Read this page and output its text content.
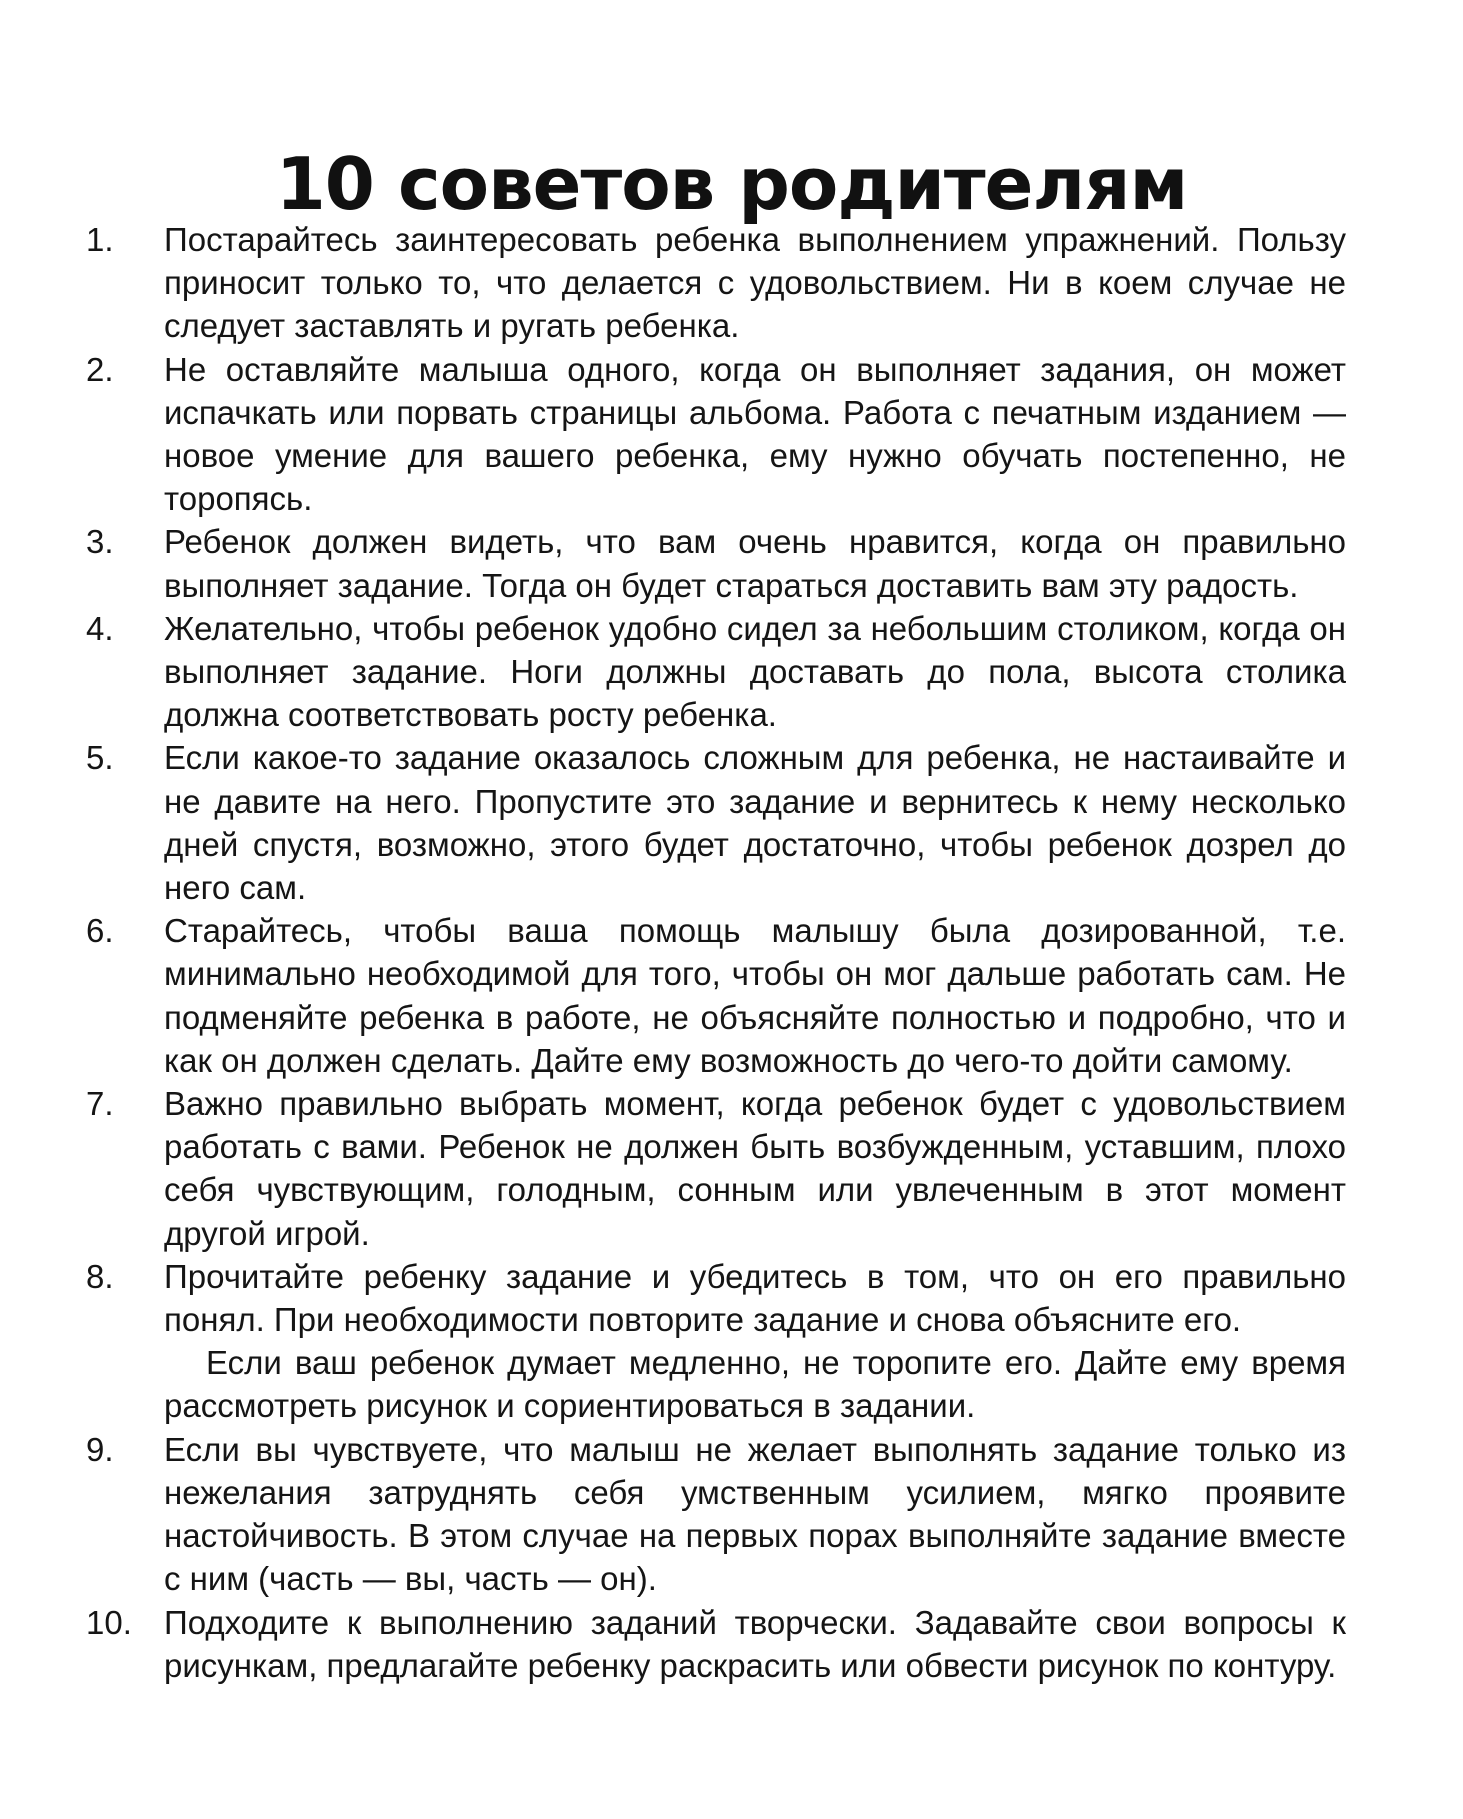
10 советов родителям
1.	Постарайтесь заинтересовать ребенка выполнением упражнений. Пользу приносит только то, что делается с удовольствием. Ни в коем случае не следует заставлять и ругать ребенка.
2.	Не оставляйте малыша одного, когда он выполняет задания, он может испачкать или порвать страницы альбома. Работа с печатным изданием — новое умение для вашего ребенка, ему нужно обучать постепенно, не торопясь.
3.	Ребенок должен видеть, что вам очень нравится, когда он правильно выполняет задание. Тогда он будет стараться доставить вам эту радость.
4.	Желательно, чтобы ребенок удобно сидел за небольшим столиком, когда он выполняет задание. Ноги должны доставать до пола, высота столика должна соответствовать росту ребенка.
5.	Если какое-то задание оказалось сложным для ребенка, не настаивайте и не давите на него. Пропустите это задание и вернитесь к нему несколько дней спустя, возможно, этого будет достаточно, чтобы ребенок дозрел до него сам.
6.	Старайтесь, чтобы ваша помощь малышу была дозированной, т.е. минимально необходимой для того, чтобы он мог дальше работать сам. Не подменяйте ребенка в работе, не объясняйте полностью и подробно, что и как он должен сделать. Дайте ему возможность до чего-то дойти самому.
7.	Важно правильно выбрать момент, когда ребенок будет с удовольствием работать с вами. Ребенок не должен быть возбужденным, уставшим, плохо себя чувствующим, голодным, сонным или увлеченным в этот момент другой игрой.
8.	Прочитайте ребенку задание и убедитесь в том, что он его правильно понял. При необходимости повторите задание и снова объясните его.
Если ваш ребенок думает медленно, не торопите его. Дайте ему время рассмотреть рисунок и сориентироваться в задании.
9.	Если вы чувствуете, что малыш не желает выполнять задание только из нежелания затруднять себя умственным усилием, мягко проявите настойчивость. В этом случае на первых порах выполняйте задание вместе с ним (часть — вы, часть — он).
10. Подходите к выполнению заданий творчески. Задавайте свои вопросы к рисункам, предлагайте ребенку раскрасить или обвести рисунок по контуру.
